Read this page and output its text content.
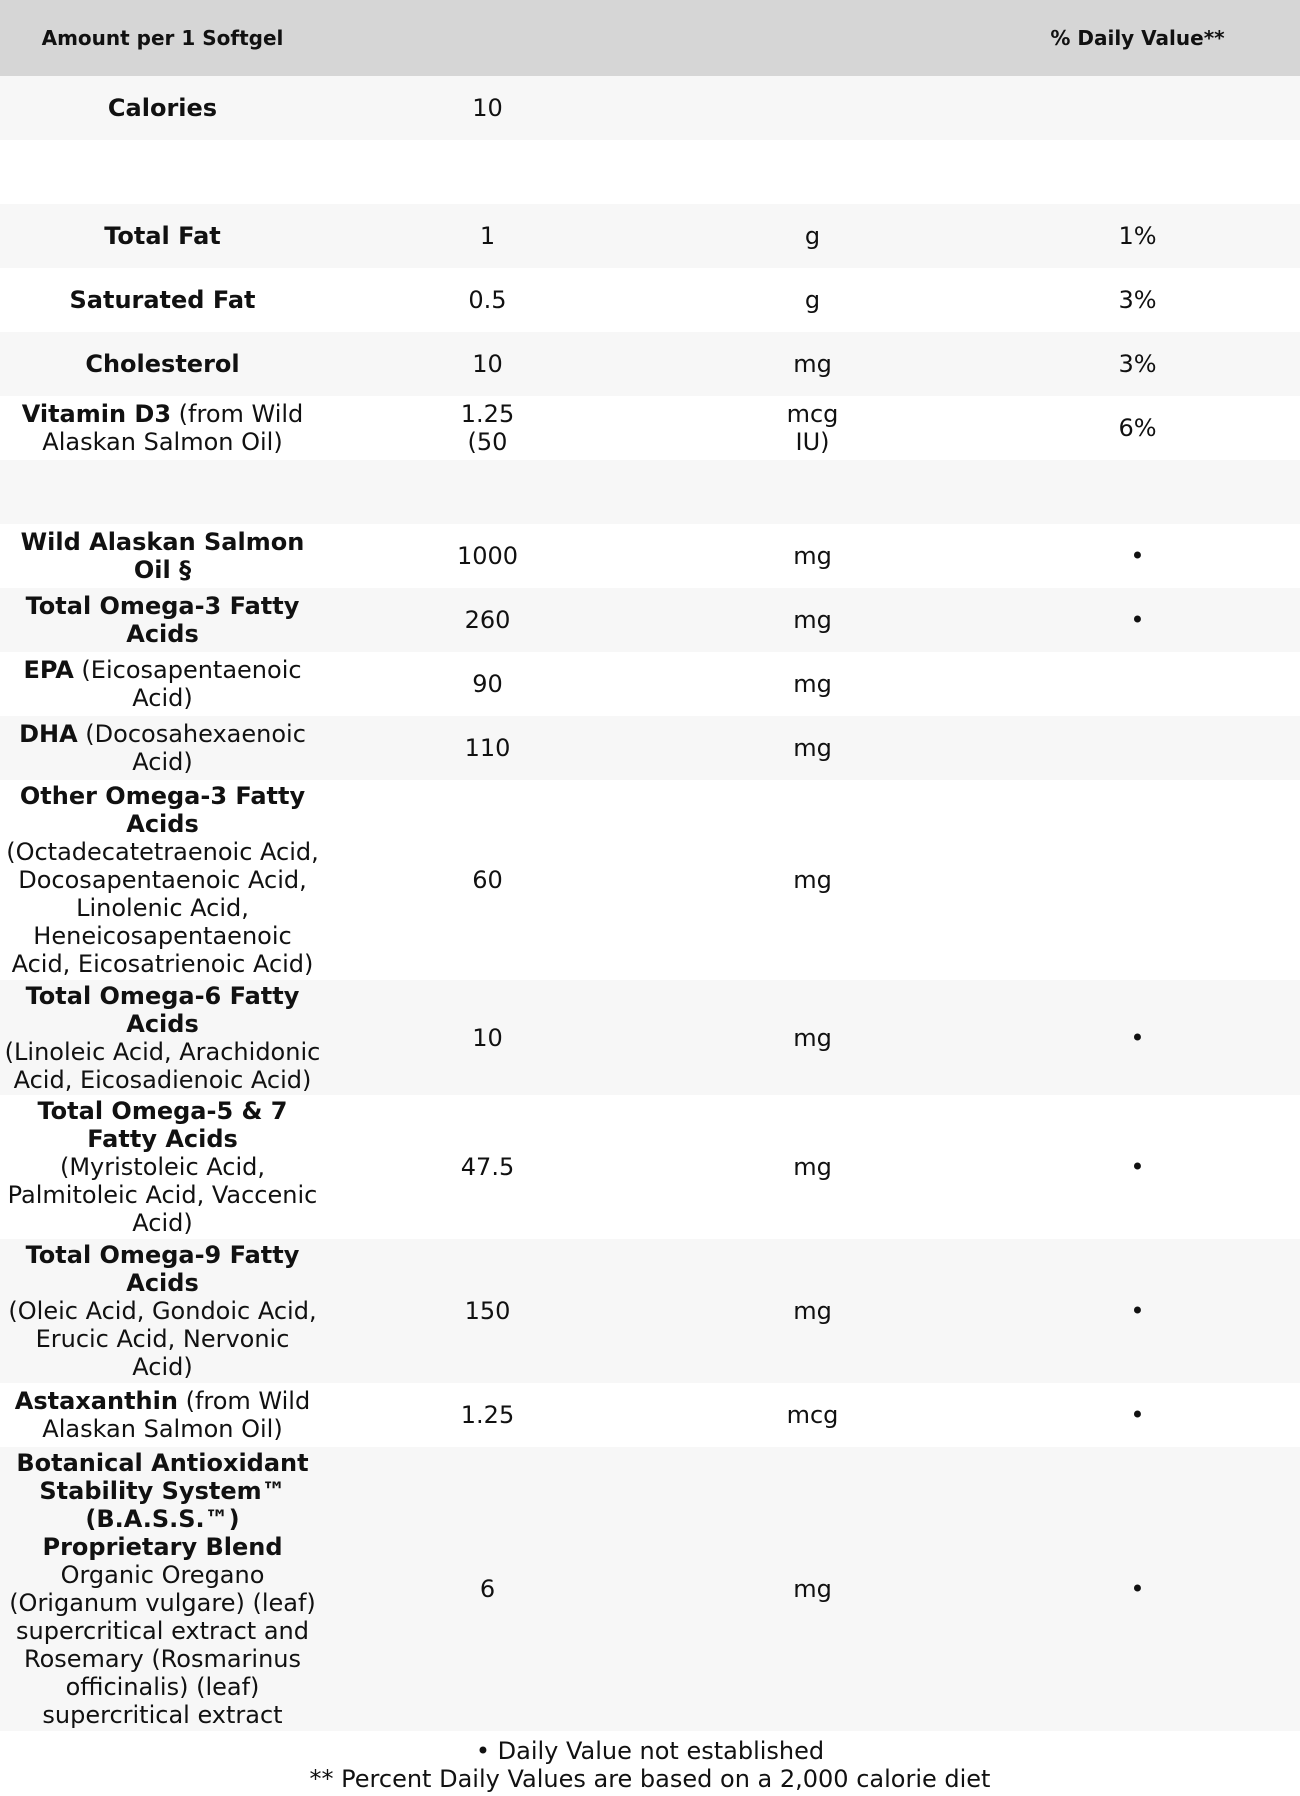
Amount per 1 Softgel			% Daily Value**
Calories	10		

Total Fat	1	g	1%
Saturated Fat	0.5	g	3%
Cholesterol	10	mg	3%
Vitamin D3 (from Wild Alaskan Salmon Oil)	1.25 (50	mcg IU)	6%

Wild Alaskan Salmon Oil §	1000	mg	•
Total Omega-3 Fatty Acids	260	mg	•
EPA (Eicosapentaenoic Acid)	90	mg	
DHA (Docosahexaenoic Acid)	110	mg	

Other Omega-3 Fatty Acids
(Octadecatetraenoic Acid, Docosapentaenoic Acid, Linolenic Acid, Heneicosapentaenoic Acid, Eicosatrienoic Acid)	60	mg	

Total Omega-6 Fatty Acids
(Linoleic Acid, Arachidonic Acid, Eicosadienoic Acid)	10	mg	•

Total Omega-5 & 7 Fatty Acids
(Myristoleic Acid, Palmitoleic Acid, Vaccenic Acid)	47.5	mg	•

Total Omega-9 Fatty Acids
(Oleic Acid, Gondoic Acid, Erucic Acid, Nervonic Acid)	150	mg	•
Astaxanthin (from Wild Alaskan Salmon Oil)	1.25	mcg	•

Botanical Antioxidant Stability System™ (B.A.S.S.™) Proprietary Blend
Organic Oregano (Origanum vulgare) (leaf) supercritical extract and Rosemary (Rosmarinus officinalis) (leaf) supercritical extract	6	mg	•
• Daily Value not established
** Percent Daily Values are based on a 2,000 calorie diet
